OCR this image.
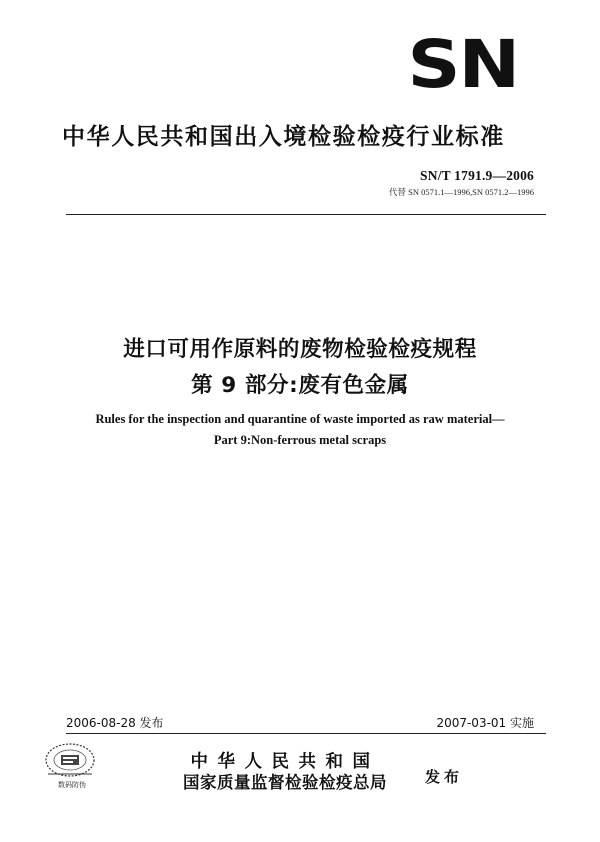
SN
中华人民共和国出入境检验检疫行业标准
SN/T 1791.9—2006
代替 SN 0571.1—1996,SN 0571.2—1996
进口可用作原料的废物检验检疫规程
第 9 部分:废有色金属
Rules for the inspection and quarantine of waste imported as raw material—
Part 9:Non-ferrous metal scraps
2006-08-28 发布	2007-03-01 实施
数码防伪
中华人民共和国
国家质量监督检验检疫总局	发布
